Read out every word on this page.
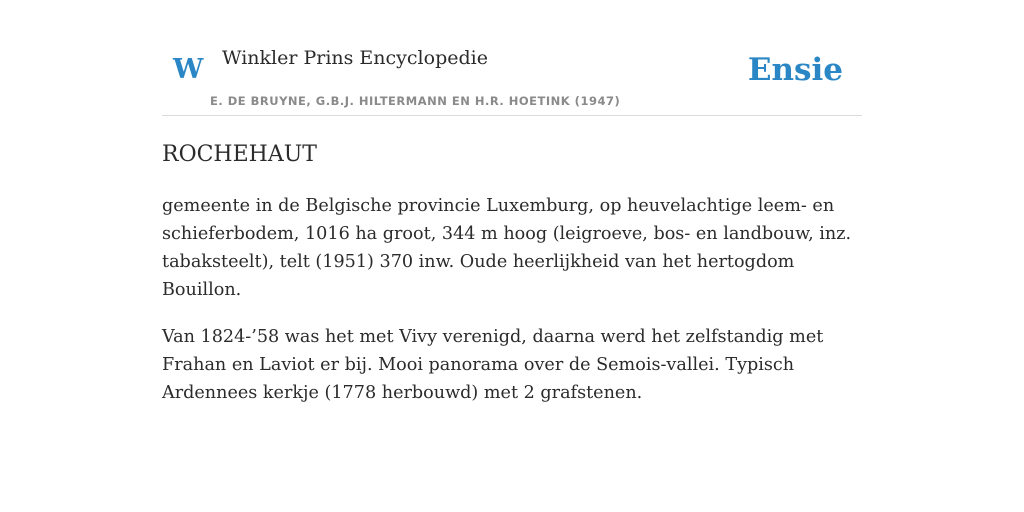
W Winkler Prins Encyclopedie
E. DE BRUYNE, G.B.J. HILTERMANN EN H.R. HOETINK (1947)
Ensie
ROCHEHAUT

gemeente in de Belgische provincie Luxemburg, op heuvelachtige leem- en schieferbodem, 1016 ha groot, 344 m hoog (leigroeve, bos- en landbouw, inz. tabaksteelt), telt (1951) 370 inw. Oude heerlijkheid van het hertogdom Bouillon.

Van 1824-’58 was het met Vivy verenigd, daarna werd het zelfstandig met Frahan en Laviot er bij. Mooi panorama over de Semois-vallei. Typisch Ardennees kerkje (1778 herbouwd) met 2 grafstenen.
